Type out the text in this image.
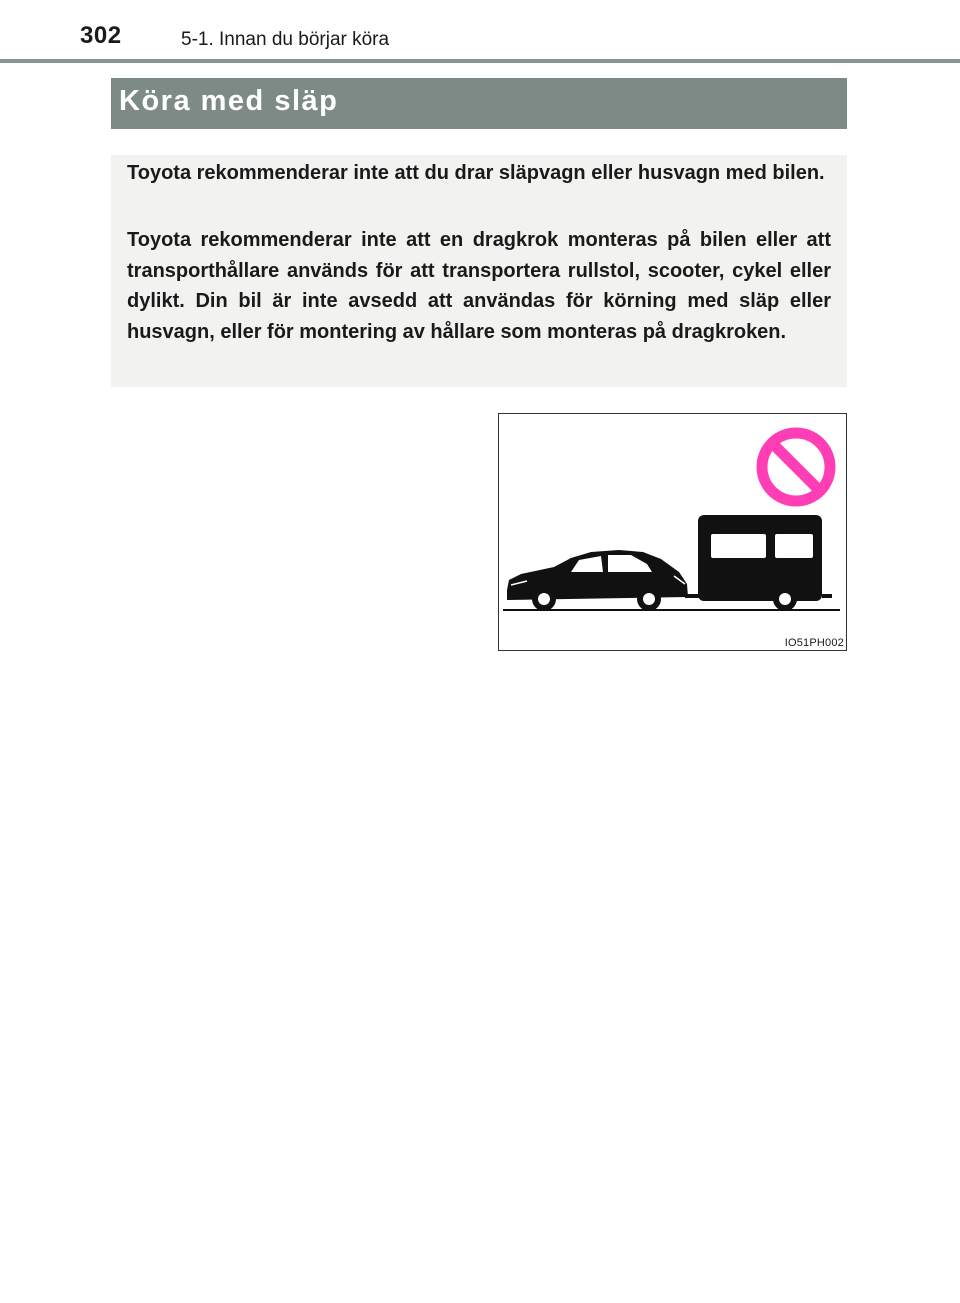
302	5-1. Innan du börjar köra
Köra med släp

Toyota rekommenderar inte att du drar släpvagn eller husvagn med bilen.

Toyota rekommenderar inte att en dragkrok monteras på bilen eller att transporthållare används för att transportera rullstol, scooter, cykel eller dylikt. Din bil är inte avsedd att användas för körning med släp eller husvagn, eller för montering av hållare som monteras på dragkroken.

IO51PH002
